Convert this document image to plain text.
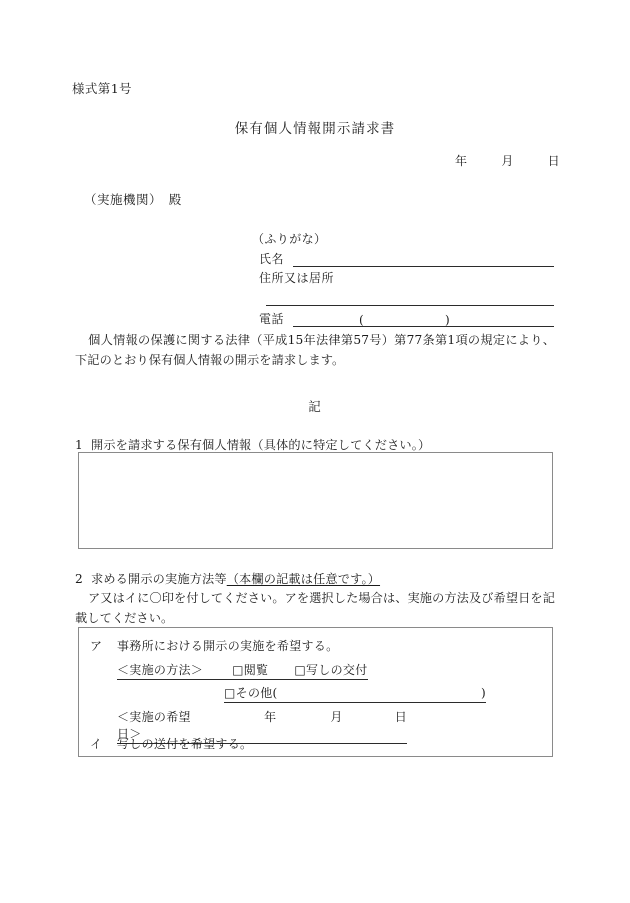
様式第1号
保有個人情報開示請求書
年	月	日
（実施機関）　殿
（ふりがな）
氏名
住所又は居所
電話	(	)
個人情報の保護に関する法律（平成15年法律第57号）第77条第1項の規定により、下記のとおり保有個人情報の開示を請求します。
記
1 開示を請求する保有個人情報（具体的に特定してください。）
2 求める開示の実施方法等（本欄の記載は任意です。）
ア又はイに〇印を付してください。アを選択した場合は、実施の方法及び希望日を記載してください。
ア 事務所における開示の実施を希望する。
＜実施の方法＞ □閲覧 □写しの交付
□その他(	)
＜実施の希望日＞
年	月	日
イ 写しの送付を希望する。
